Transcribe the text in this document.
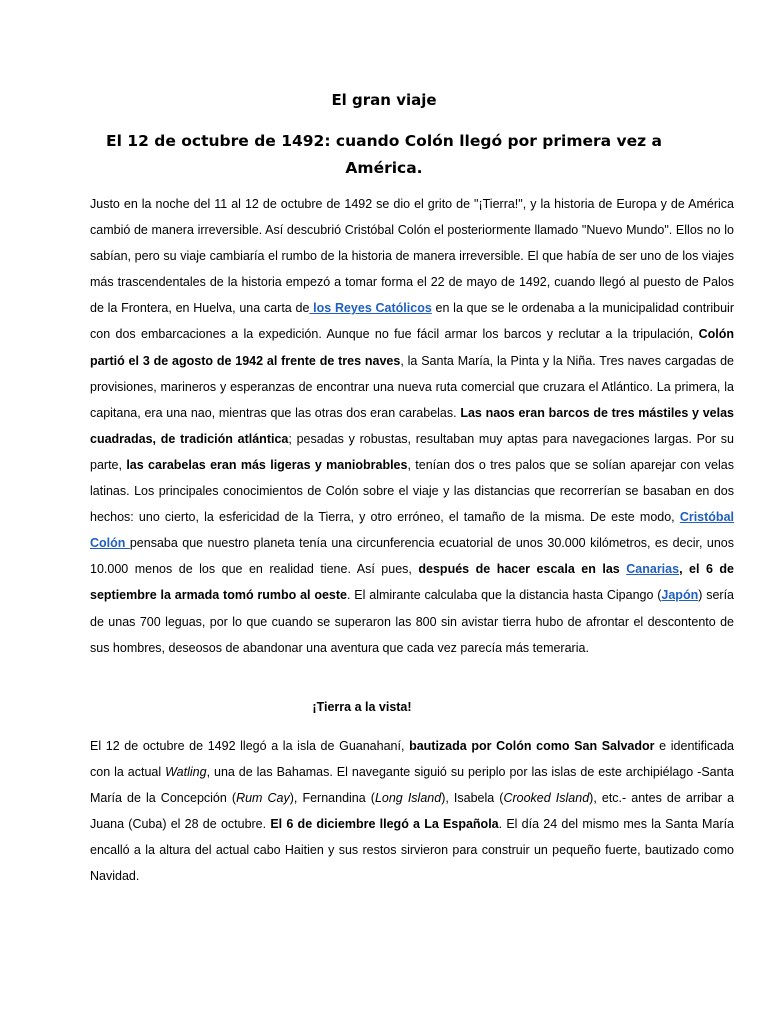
El gran viaje
El 12 de octubre de 1492: cuando Colón llegó por primera vez a América.
Justo en la noche del 11 al 12 de octubre de 1492 se dio el grito de "¡Tierra!", y la historia de Europa y de América cambió de manera irreversible. Así descubrió Cristóbal Colón el posteriormente llamado "Nuevo Mundo". Ellos no lo sabían, pero su viaje cambiaría el rumbo de la historia de manera irreversible. El que había de ser uno de los viajes más trascendentales de la historia empezó a tomar forma el 22 de mayo de 1492, cuando llegó al puesto de Palos de la Frontera, en Huelva, una carta de los Reyes Católicos en la que se le ordenaba a la municipalidad contribuir con dos embarcaciones a la expedición. Aunque no fue fácil armar los barcos y reclutar a la tripulación, Colón partió el 3 de agosto de 1942 al frente de tres naves, la Santa María, la Pinta y la Niña. Tres naves cargadas de provisiones, marineros y esperanzas de encontrar una nueva ruta comercial que cruzara el Atlántico. La primera, la capitana, era una nao, mientras que las otras dos eran carabelas. Las naos eran barcos de tres mástiles y velas cuadradas, de tradición atlántica; pesadas y robustas, resultaban muy aptas para navegaciones largas. Por su parte, las carabelas eran más ligeras y maniobrables, tenían dos o tres palos que se solían aparejar con velas latinas. Los principales conocimientos de Colón sobre el viaje y las distancias que recorrerían se basaban en dos hechos: uno cierto, la esfericidad de la Tierra, y otro erróneo, el tamaño de la misma. De este modo, Cristóbal Colón pensaba que nuestro planeta tenía una circunferencia ecuatorial de unos 30.000 kilómetros, es decir, unos 10.000 menos de los que en realidad tiene. Así pues, después de hacer escala en las Canarias, el 6 de septiembre la armada tomó rumbo al oeste. El almirante calculaba que la distancia hasta Cipango (Japón) sería de unas 700 leguas, por lo que cuando se superaron las 800 sin avistar tierra hubo de afrontar el descontento de sus hombres, deseosos de abandonar una aventura que cada vez parecía más temeraria.
¡Tierra a la vista!
El 12 de octubre de 1492 llegó a la isla de Guanahaní, bautizada por Colón como San Salvador e identificada con la actual Watling, una de las Bahamas. El navegante siguió su periplo por las islas de este archipiélago -Santa María de la Concepción (Rum Cay), Fernandina (Long Island), Isabela (Crooked Island), etc.- antes de arribar a Juana (Cuba) el 28 de octubre. El 6 de diciembre llegó a La Española. El día 24 del mismo mes la Santa María encalló a la altura del actual cabo Haitien y sus restos sirvieron para construir un pequeño fuerte, bautizado como Navidad.
